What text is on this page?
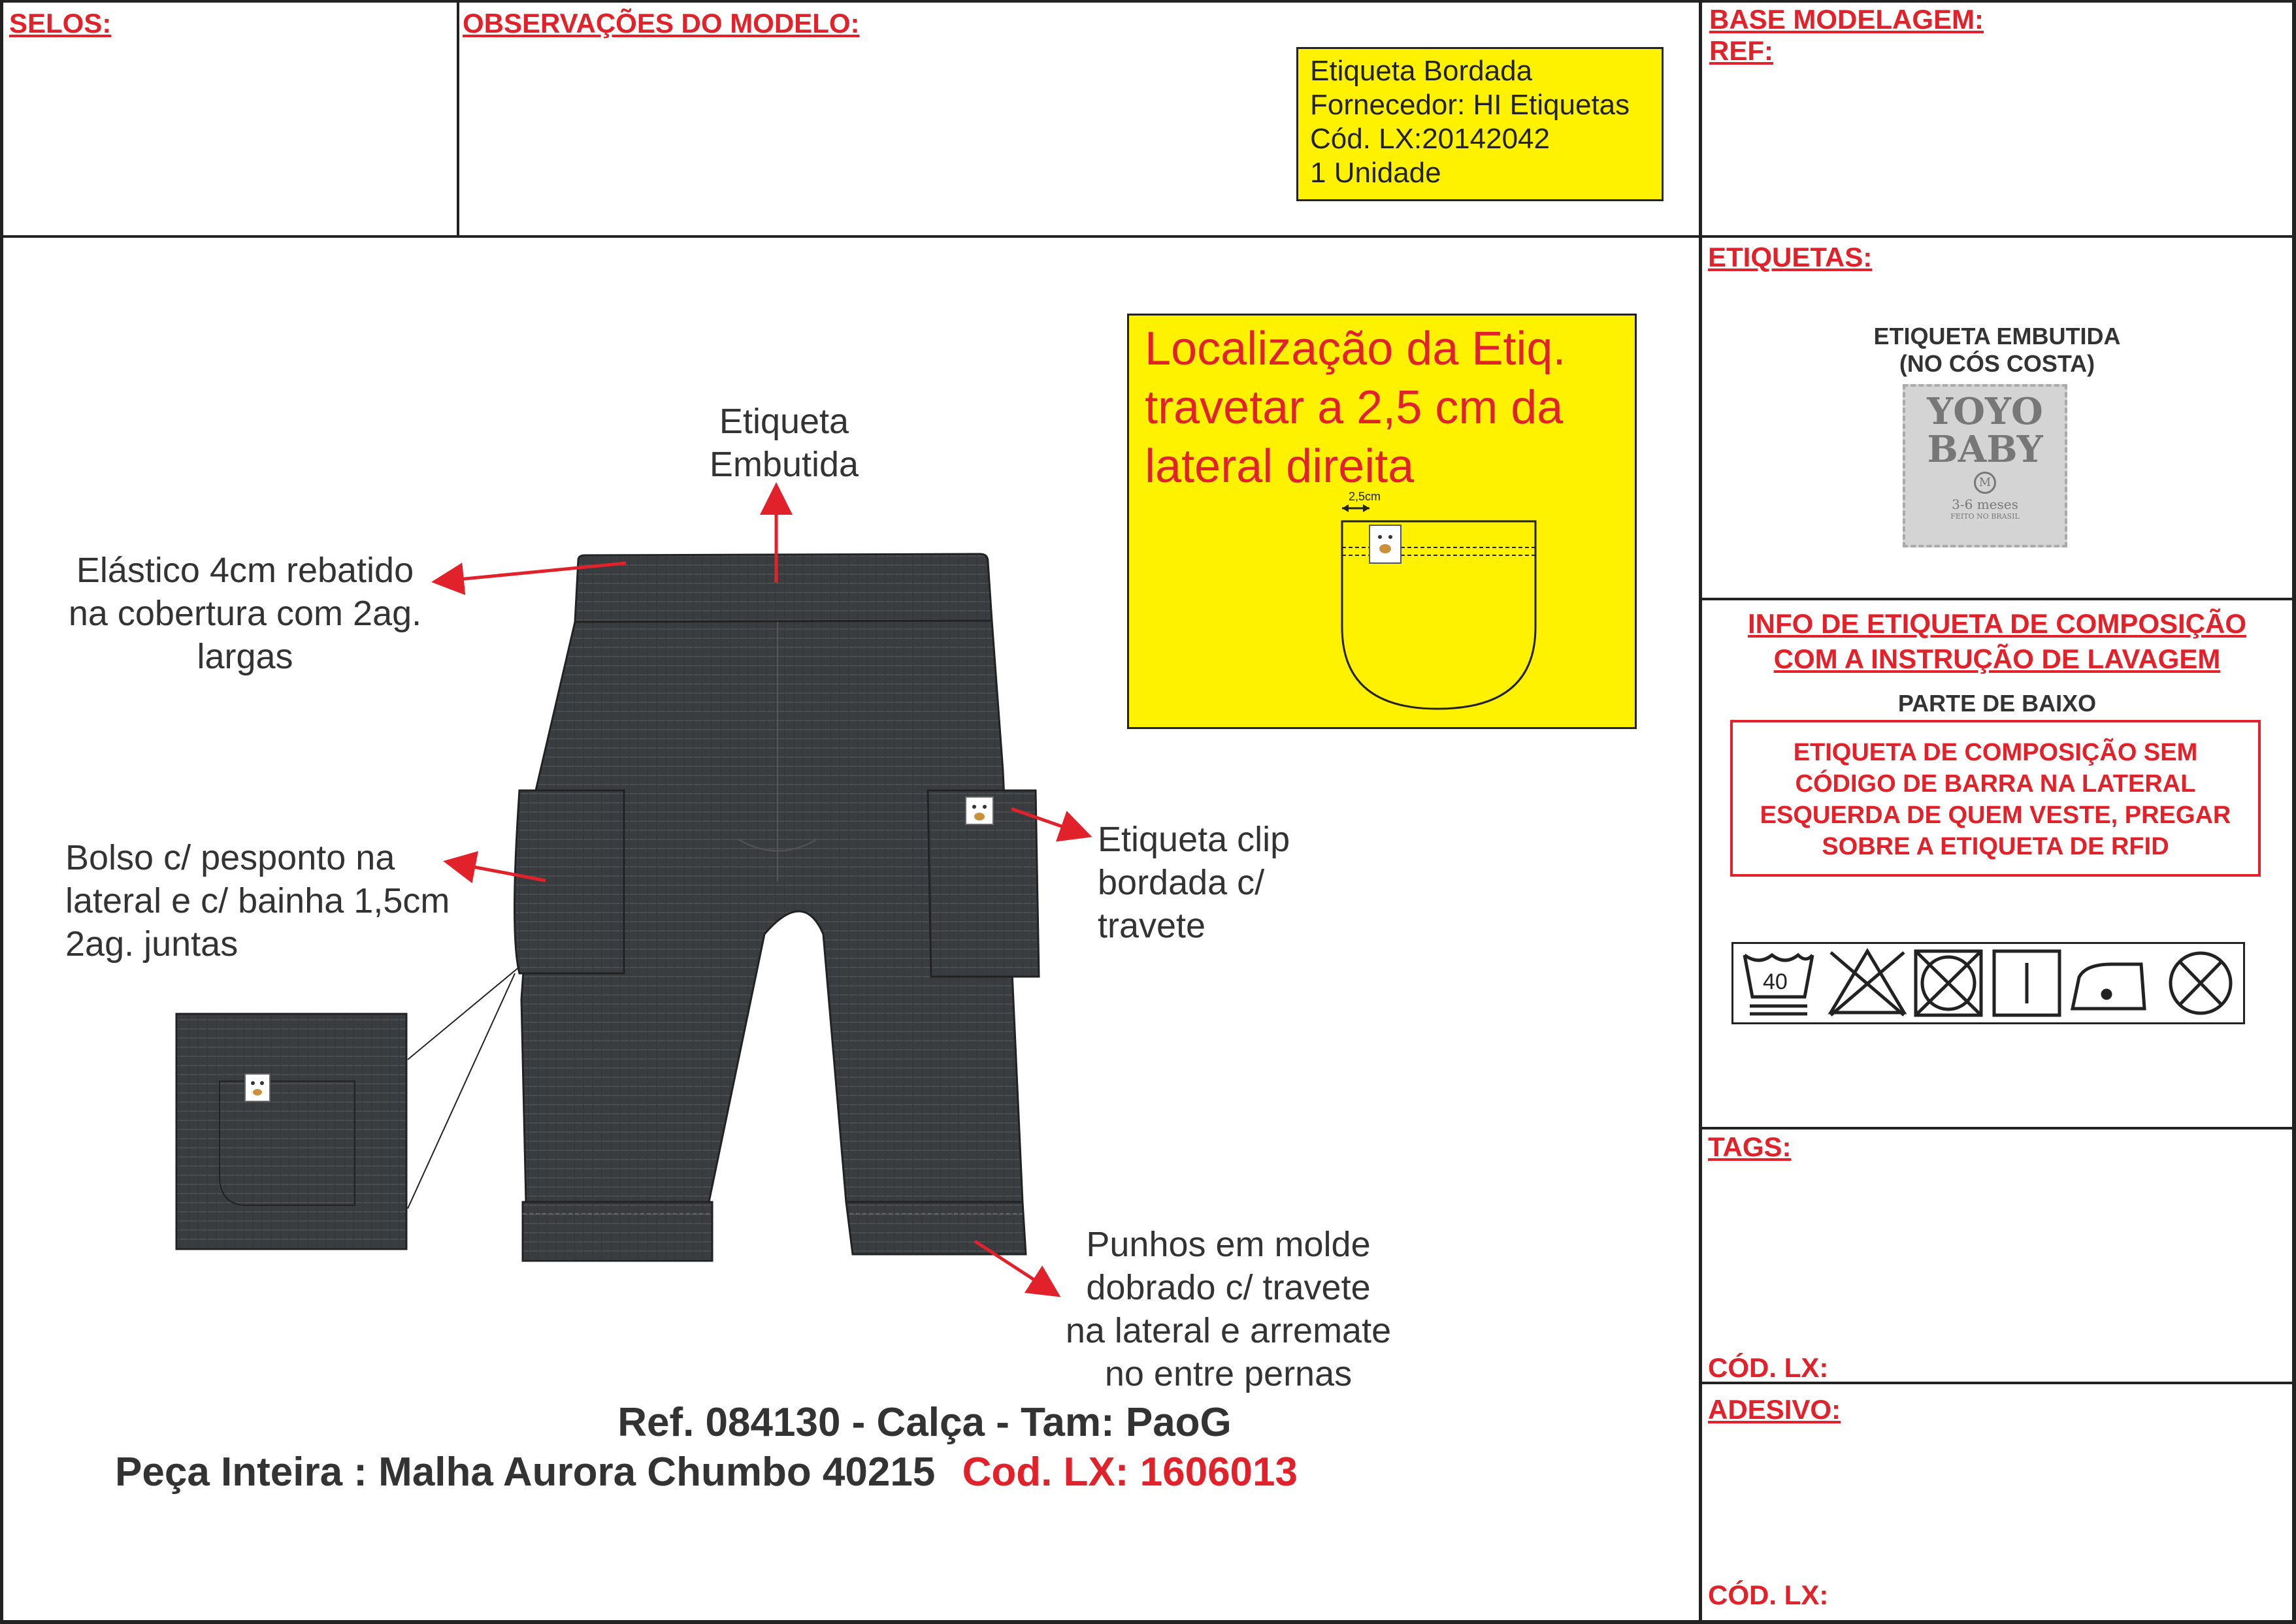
SELOS:	OBSERVAÇÕES DO MODELO:	BASE MODELAGEM:
REF:
Etiqueta Bordada
Fornecedor: HI Etiquetas
Cód. LX:20142042
1 Unidade
Localização da Etiq.
travetar a 2,5 cm da
lateral direita
2,5cm
Etiqueta
Embutida
Elástico 4cm rebatido
na cobertura com 2ag.
largas
Bolso c/ pesponto na
lateral e c/ bainha 1,5cm
2ag. juntas
Etiqueta clip
bordada c/
travete
Punhos em molde
dobrado c/ travete
na lateral e arremate
no entre pernas
Ref. 084130 - Calça - Tam: PaoG
Peça Inteira : Malha Aurora Chumbo 40215 Cod. LX: 1606013
ETIQUETAS:
ETIQUETA EMBUTIDA
(NO CÓS COSTA)
YOYO
BABY
M
3-6 meses
FEITO NO BRASIL
INFO DE ETIQUETA DE COMPOSIÇÃO
COM A INSTRUÇÃO DE LAVAGEM
PARTE DE BAIXO
ETIQUETA DE COMPOSIÇÃO SEM
CÓDIGO DE BARRA NA LATERAL
ESQUERDA DE QUEM VESTE, PREGAR
SOBRE A ETIQUETA DE RFID
40
TAGS:
CÓD. LX:
ADESIVO:
CÓD. LX:
